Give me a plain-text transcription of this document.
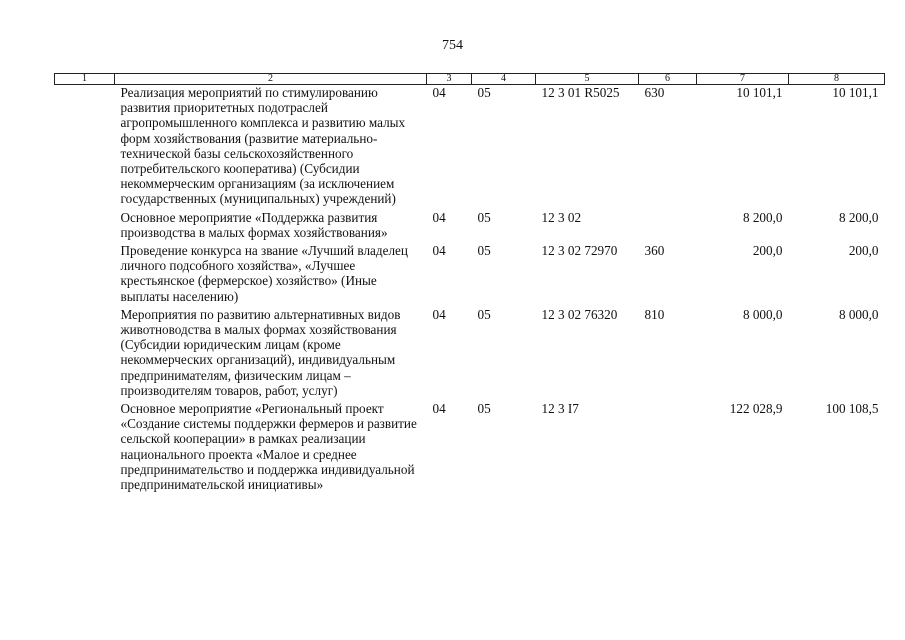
754
1	2	3	4	5	6	7	8
	Реализация мероприятий по стимулированию развития приоритетных подотраслей агропромышленного комплекса и развитию малых форм хозяйствования (развитие материально-технической базы сельскохозяйственного потребительского кооператива) (Субсидии некоммерческим организациям (за исключением государственных (муниципальных) учреждений)	04	05	12 3 01 R5025	630	10 101,1	10 101,1
	Основное мероприятие «Поддержка развития производства в малых формах хозяйствования»	04	05	12 3 02		8 200,0	8 200,0
	Проведение конкурса на звание «Лучший владелец личного подсобного хозяйства», «Лучшее крестьянское (фермерское) хозяйство» (Иные выплаты населению)	04	05	12 3 02 72970	360	200,0	200,0
	Мероприятия по развитию альтернативных видов животноводства в малых формах хозяйствования (Субсидии юридическим лицам (кроме некоммерческих организаций), индивидуальным предпринимателям, физическим лицам – производителям товаров, работ, услуг)	04	05	12 3 02 76320	810	8 000,0	8 000,0
	Основное мероприятие «Региональный проект «Создание системы поддержки фермеров и развитие сельской кооперации» в рамках реализации национального проекта «Малое и среднее предпринимательство и поддержка индивидуальной предпринимательской инициативы»	04	05	12 3 I7		122 028,9	100 108,5
